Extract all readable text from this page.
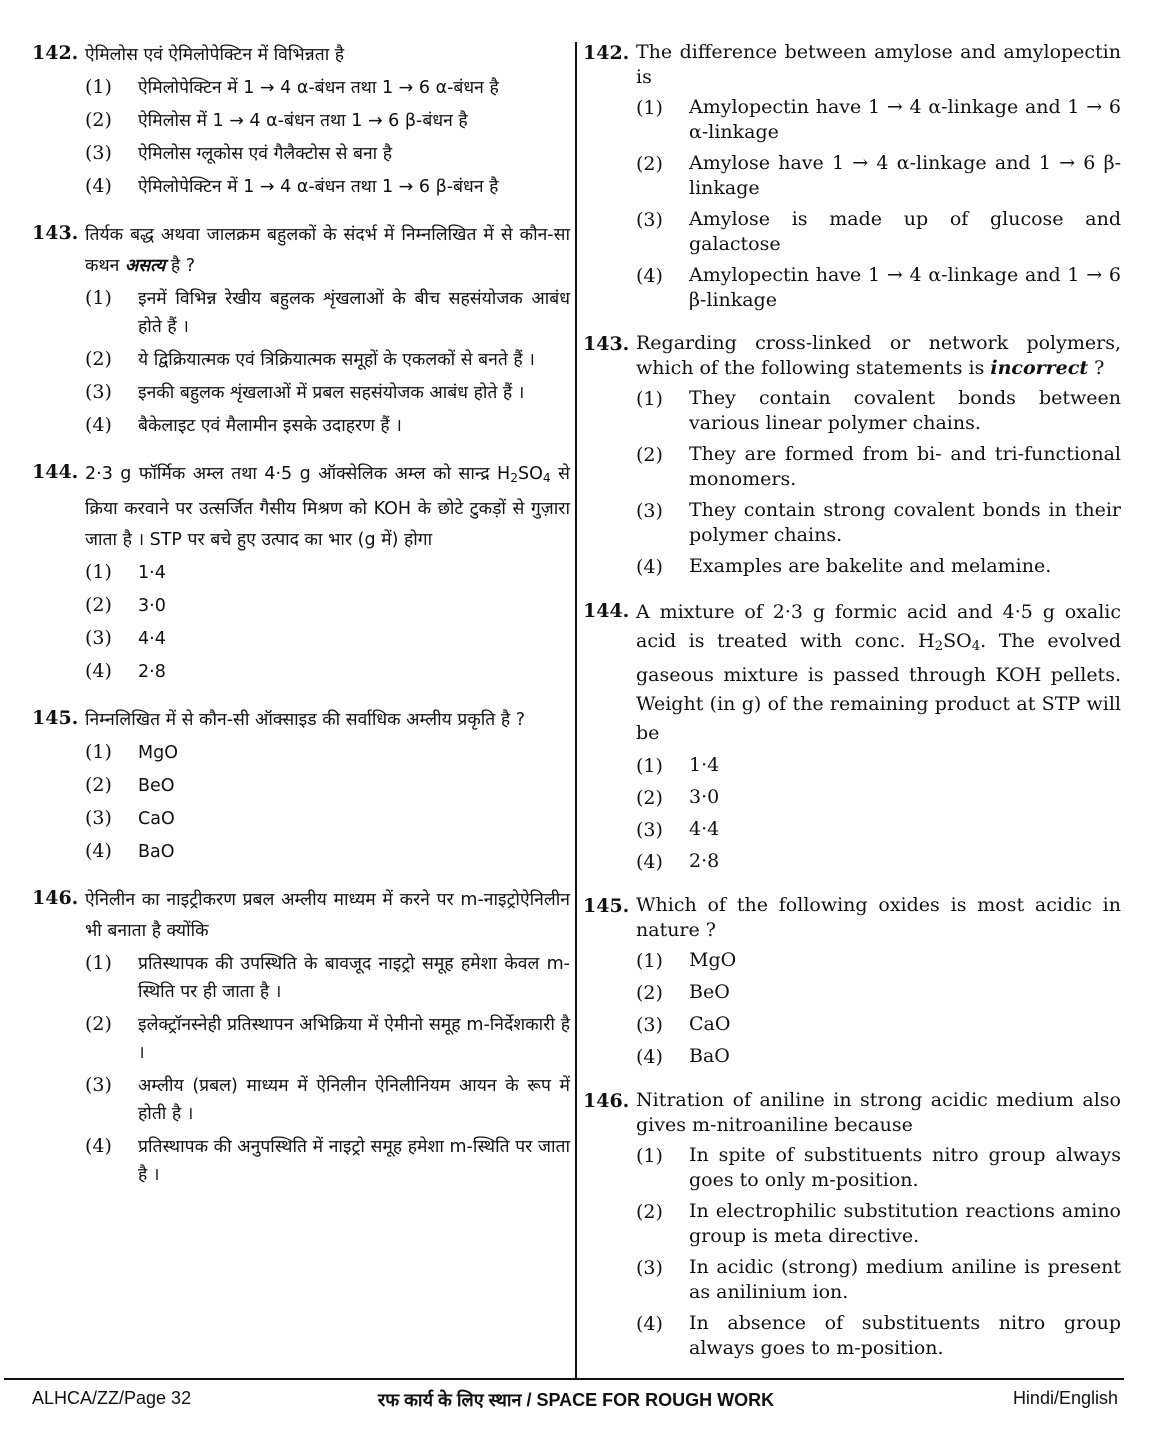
142. ऐमिलोस एवं ऐमिलोपेक्टिन में विभिन्नता है
(1)	ऐमिलोपेक्टिन में 1 → 4 α-बंधन तथा 1 → 6 α-बंधन है
(2)	ऐमिलोस में 1 → 4 α-बंधन तथा 1 → 6 β-बंधन है
(3)	ऐमिलोस ग्लूकोस एवं गैलैक्टोस से बना है
(4)	ऐमिलोपेक्टिन में 1 → 4 α-बंधन तथा 1 → 6 β-बंधन है
143. तिर्यक बद्ध अथवा जालक्रम बहुलकों के संदर्भ में निम्नलिखित में से कौन-सा कथन असत्य है ?
(1)	इनमें विभिन्न रेखीय बहुलक शृंखलाओं के बीच सहसंयोजक आबंध होते हैं ।
(2)	ये द्विक्रियात्मक एवं त्रिक्रियात्मक समूहों के एकलकों से बनते हैं ।
(3)	इनकी बहुलक शृंखलाओं में प्रबल सहसंयोजक आबंध होते हैं ।
(4)	बैकेलाइट एवं मैलामीन इसके उदाहरण हैं ।
144. 2·3 g फॉर्मिक अम्ल तथा 4·5 g ऑक्सेलिक अम्ल को सान्द्र $H_2SO_4$ से क्रिया करवाने पर उत्सर्जित गैसीय मिश्रण को KOH के छोटे टुकड़ों से गुज़ारा जाता है । STP पर बचे हुए उत्पाद का भार (g में) होगा
(1)	1·4
(2)	3·0
(3)	4·4
(4)	2·8
145. निम्नलिखित में से कौन-सी ऑक्साइड की सर्वाधिक अम्लीय प्रकृति है ?
(1)	MgO
(2)	BeO
(3)	CaO
(4)	BaO
146. ऐनिलीन का नाइट्रीकरण प्रबल अम्लीय माध्यम में करने पर m-नाइट्रोऐनिलीन भी बनाता है क्योंकि
(1)	प्रतिस्थापक की उपस्थिति के बावजूद नाइट्रो समूह हमेशा केवल m-स्थिति पर ही जाता है ।
(2)	इलेक्ट्रॉनस्नेही प्रतिस्थापन अभिक्रिया में ऐमीनो समूह m-निर्देशकारी है ।
(3)	अम्लीय (प्रबल) माध्यम में ऐनिलीन ऐनिलीनियम आयन के रूप में होती है ।
(4)	प्रतिस्थापक की अनुपस्थिति में नाइट्रो समूह हमेशा m-स्थिति पर जाता है ।
142. The difference between amylose and amylopectin is
(1)	Amylopectin have 1 → 4 α-linkage and 1 → 6 α-linkage
(2)	Amylose have 1 → 4 α-linkage and 1 → 6 β-linkage
(3)	Amylose is made up of glucose and galactose
(4)	Amylopectin have 1 → 4 α-linkage and 1 → 6 β-linkage
143. Regarding cross-linked or network polymers, which of the following statements is incorrect ?
(1)	They contain covalent bonds between various linear polymer chains.
(2)	They are formed from bi- and tri-functional monomers.
(3)	They contain strong covalent bonds in their polymer chains.
(4)	Examples are bakelite and melamine.
144. A mixture of 2·3 g formic acid and 4·5 g oxalic acid is treated with conc. $H_2SO_4$. The evolved gaseous mixture is passed through KOH pellets. Weight (in g) of the remaining product at STP will be
(1)	1·4
(2)	3·0
(3)	4·4
(4)	2·8
145. Which of the following oxides is most acidic in nature ?
(1)	MgO
(2)	BeO
(3)	CaO
(4)	BaO
146. Nitration of aniline in strong acidic medium also gives m-nitroaniline because
(1)	In spite of substituents nitro group always goes to only m-position.
(2)	In electrophilic substitution reactions amino group is meta directive.
(3)	In acidic (strong) medium aniline is present as anilinium ion.
(4)	In absence of substituents nitro group always goes to m-position.
रफ कार्य के लिए स्थान / SPACE FOR ROUGH WORK
ALHCA/ZZ/Page 32	Hindi/English
